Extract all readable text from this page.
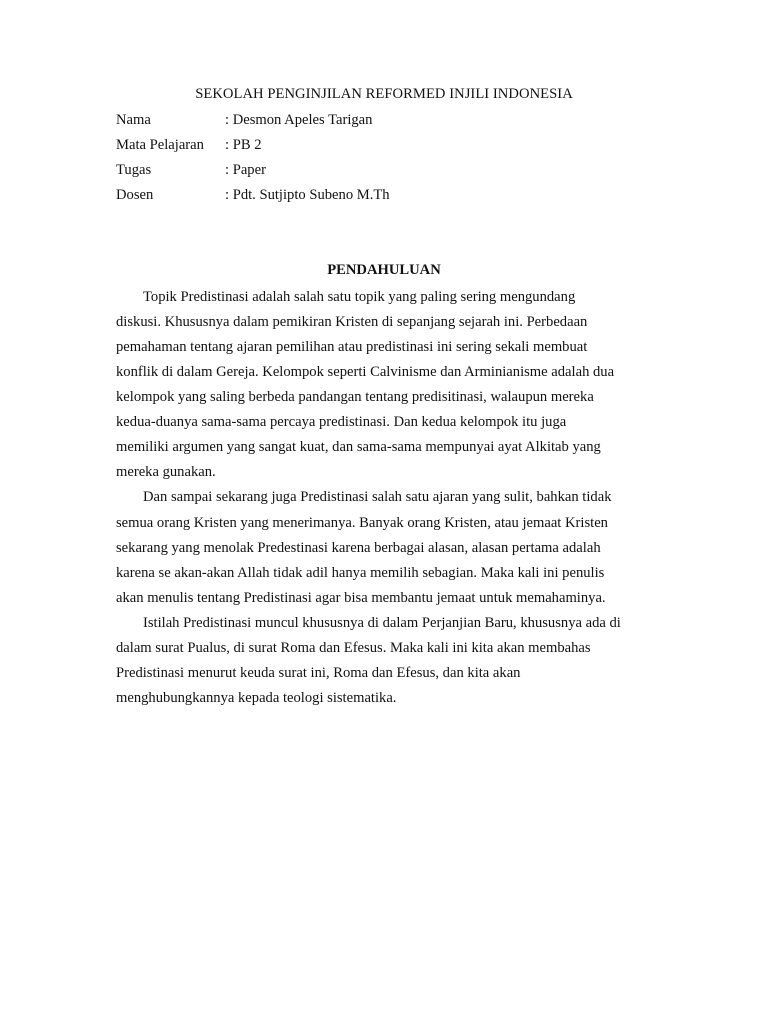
SEKOLAH PENGINJILAN REFORMED INJILI INDONESIA
Nama	: Desmon Apeles Tarigan
Mata Pelajaran : PB 2
Tugas	: Paper
Dosen	: Pdt. Sutjipto Subeno M.Th
PENDAHULUAN
Topik Predistinasi adalah salah satu topik yang paling sering mengundang
diskusi. Khususnya dalam pemikiran Kristen di sepanjang sejarah ini. Perbedaan
pemahaman tentang ajaran pemilihan atau predistinasi ini sering sekali membuat
konflik di dalam Gereja. Kelompok seperti Calvinisme dan Arminianisme adalah dua
kelompok yang saling berbeda pandangan tentang predisitinasi, walaupun mereka
kedua-duanya sama-sama percaya predistinasi. Dan kedua kelompok itu juga
memiliki argumen yang sangat kuat, dan sama-sama mempunyai ayat Alkitab yang
mereka gunakan.
Dan sampai sekarang juga Predistinasi salah satu ajaran yang sulit, bahkan tidak
semua orang Kristen yang menerimanya. Banyak orang Kristen, atau jemaat Kristen
sekarang yang menolak Predestinasi karena berbagai alasan, alasan pertama adalah
karena se akan-akan Allah tidak adil hanya memilih sebagian. Maka kali ini penulis
akan menulis tentang Predistinasi agar bisa membantu jemaat untuk memahaminya.
Istilah Predistinasi muncul khususnya di dalam Perjanjian Baru, khususnya ada di
dalam surat Pualus, di surat Roma dan Efesus. Maka kali ini kita akan membahas
Predistinasi menurut keuda surat ini, Roma dan Efesus, dan kita akan
menghubungkannya kepada teologi sistematika.
